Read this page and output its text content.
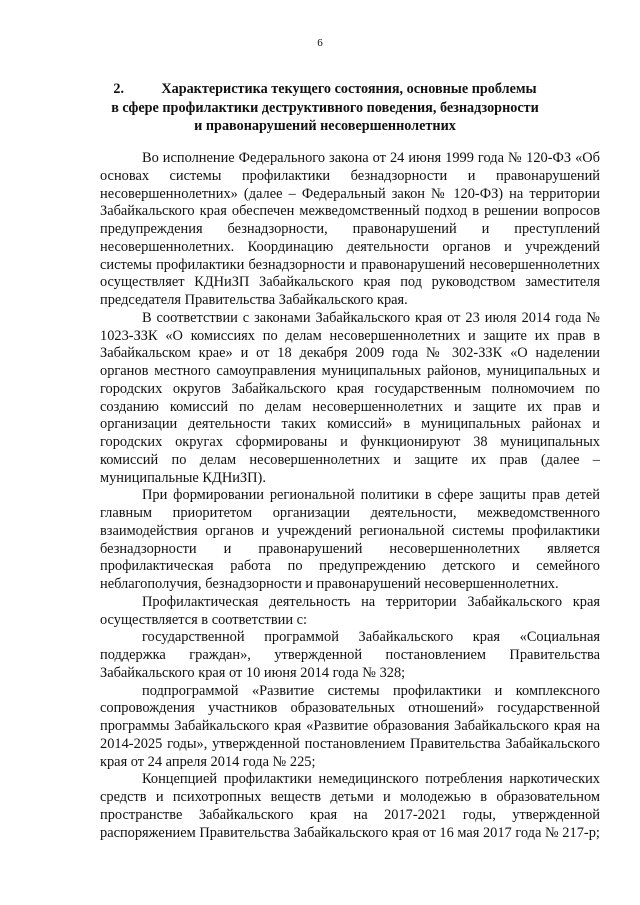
6
2.	Характеристика текущего состояния, основные проблемы
в сфере профилактики деструктивного поведения, безнадзорности
и правонарушений несовершеннолетних

Во исполнение Федерального закона от 24 июня 1999 года № 120-ФЗ «Об основах системы профилактики безнадзорности и правонарушений несовершеннолетних» (далее – Федеральный закон № 120-ФЗ) на территории Забайкальского края обеспечен межведомственный подход в решении вопросов предупреждения безнадзорности, правонарушений и преступлений несовершеннолетних. Координацию деятельности органов и учреждений системы профилактики безнадзорности и правонарушений несовершеннолетних осуществляет КДНиЗП Забайкальского края под руководством заместителя председателя Правительства Забайкальского края.

В соответствии с законами Забайкальского края от 23 июля 2014 года № 1023-ЗЗК «О комиссиях по делам несовершеннолетних и защите их прав в Забайкальском крае» и от 18 декабря 2009 года № 302-ЗЗК «О наделении органов местного самоуправления муниципальных районов, муниципальных и городских округов Забайкальского края государственным полномочием по созданию комиссий по делам несовершеннолетних и защите их прав и организации деятельности таких комиссий» в муниципальных районах и городских округах сформированы и функционируют 38 муниципальных комиссий по делам несовершеннолетних и защите их прав (далее – муниципальные КДНиЗП).

При формировании региональной политики в сфере защиты прав детей главным приоритетом организации деятельности, межведомственного взаимодействия органов и учреждений региональной системы профилактики безнадзорности и правонарушений несовершеннолетних является профилактическая работа по предупреждению детского и семейного неблагополучия, безнадзорности и правонарушений несовершеннолетних.

Профилактическая деятельность на территории Забайкальского края осуществляется в соответствии с:

государственной программой Забайкальского края «Социальная поддержка граждан», утвержденной постановлением Правительства Забайкальского края от 10 июня 2014 года № 328;

подпрограммой «Развитие системы профилактики и комплексного сопровождения участников образовательных отношений» государственной программы Забайкальского края «Развитие образования Забайкальского края на 2014-2025 годы», утвержденной постановлением Правительства Забайкальского края от 24 апреля 2014 года № 225;

Концепцией профилактики немедицинского потребления наркотических средств и психотропных веществ детьми и молодежью в образовательном пространстве Забайкальского края на 2017-2021 годы, утвержденной распоряжением Правительства Забайкальского края от 16 мая 2017 года № 217-р;
